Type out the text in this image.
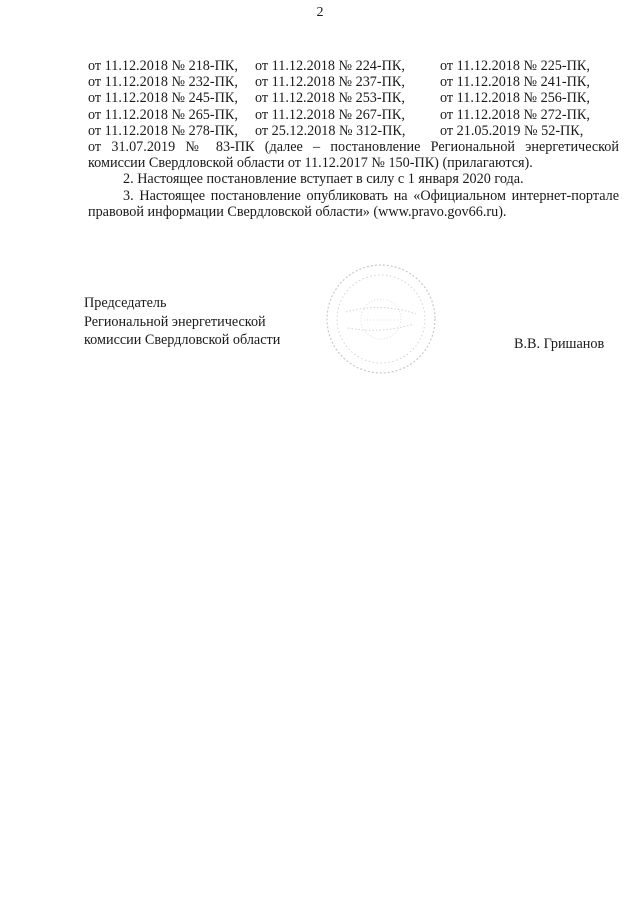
2
от 11.12.2018 № 218-ПК, от 11.12.2018 № 224-ПК, от 11.12.2018 № 225-ПК,
от 11.12.2018 № 232-ПК, от 11.12.2018 № 237-ПК, от 11.12.2018 № 241-ПК,
от 11.12.2018 № 245-ПК, от 11.12.2018 № 253-ПК, от 11.12.2018 № 256-ПК,
от 11.12.2018 № 265-ПК, от 11.12.2018 № 267-ПК, от 11.12.2018 № 272-ПК,
от 11.12.2018 № 278-ПК, от 25.12.2018 № 312-ПК, от 21.05.2019 № 52-ПК,

от 31.07.2019 № 83-ПК (далее – постановление Региональной энергетической комиссии Свердловской области от 11.12.2017 № 150-ПК) (прилагаются).

2. Настоящее постановление вступает в силу с 1 января 2020 года.

3. Настоящее постановление опубликовать на «Официальном интернет-портале правовой информации Свердловской области» (www.pravo.gov66.ru).

Председатель
Региональной энергетической
комиссии Свердловской области	В.В. Гришанов
